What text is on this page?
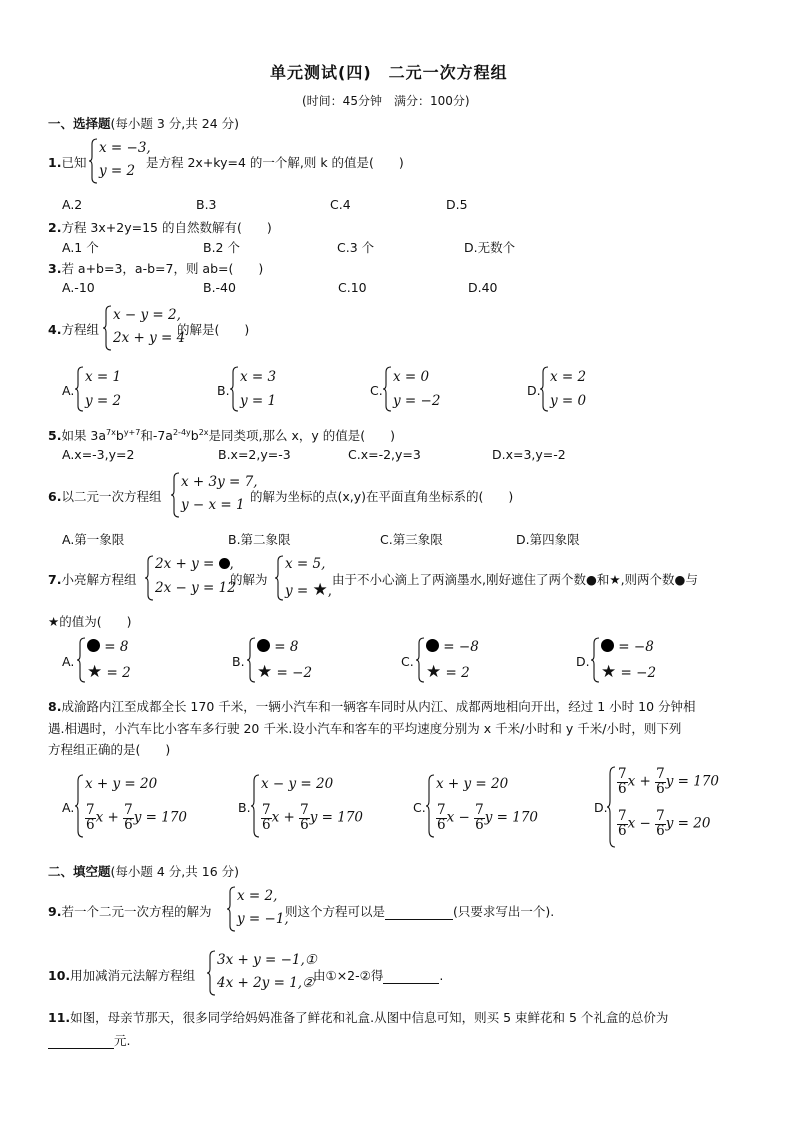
单元测试(四)　二元一次方程组
(时间：45分钟　满分：100分)
一、选择题(每小题 3 分,共 24 分)
1.已知
x = −3,
y = 2
是方程 2x+ky=4 的一个解,则 k 的值是(　　)
A.2	B.3	C.4	D.5
2.方程 3x+2y=15 的自然数解有(　　)
A.1 个	B.2 个	C.3 个	D.无数个
3.若 a+b=3，a-b=7，则 ab=(　　)
A.-10	B.-40	C.10	D.40
4.方程组
x − y = 2,
2x + y = 4
的解是(　　)
A.
x = 1
y = 2
B.
x = 3
y = 1
C.
x = 0
y = −2
D.
x = 2
y = 0
5.如果 $3a^{7x}b^{y+7}$和$-7a^{2-4y}b^{2x}$是同类项,那么 x，y 的值是(　　)
A.x=-3,y=2	B.x=2,y=-3	C.x=-2,y=3	D.x=3,y=-2
6.以二元一次方程组
x + 3y = 7,
y − x = 1
的解为坐标的点(x,y)在平面直角坐标系的(　　)
A.第一象限	B.第二象限	C.第三象限	D.第四象限
7.小亮解方程组
2x + y = ,
2x − y = 12
的解为
x = 5,
y = ★,
由于不小心滴上了两滴墨水,刚好遮住了两个数●和★,则两个数●与
★的值为(　　)
A.
= 8
★ = 2
B.
= 8
★ = −2
C.
= −8
★ = 2
D.
= −8
★ = −2
8.成渝路内江至成都全长 170 千米，一辆小汽车和一辆客车同时从内江、成都两地相向开出，经过 1 小时 10 分钟相
遇.相遇时，小汽车比小客车多行驶 20 千米.设小汽车和客车的平均速度分别为 x 千米/小时和 y 千米/小时，则下列
方程组正确的是(　　)
A.
x + y = 20
$\frac{7}{6}$ $x + \frac{7}{6}$ y = 170
B.
x − y = 20
$\frac{7}{6}$ $x + \frac{7}{6}$ y = 170
C.
x + y = 20
$\frac{7}{6}$ $x - \frac{7}{6}$ y = 170
D.
$\frac{7}{6}$ $x + \frac{7}{6}$ y = 170
$\frac{7}{6}$ $x - \frac{7}{6}$ y = 20
二、填空题(每小题 4 分,共 16 分)
9.若一个二元一次方程的解为
x = 2,
y = −1,
则这个方程可以是	(只要求写出一个).
10.用加减消元法解方程组
3x + y = −1,①
4x + 2y = 1,②
由①×2-②得	.
11.如图，母亲节那天，很多同学给妈妈准备了鲜花和礼盒.从图中信息可知，则买 5 束鲜花和 5 个礼盒的总价为
元.
